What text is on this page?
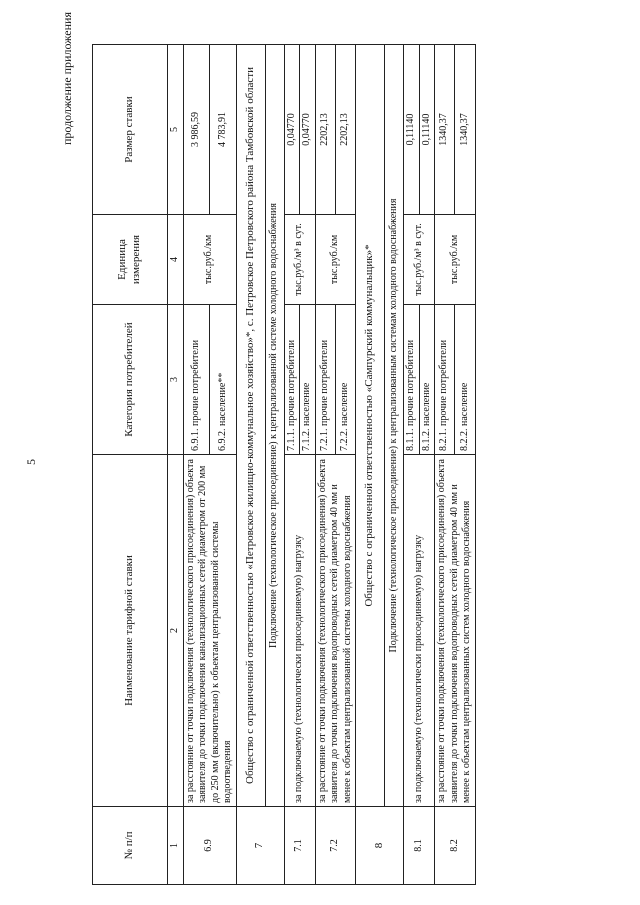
5
продолжение приложения
№ п/п	Наименование тарифной ставки	Категория потребителей	Единица измерения	Размер ставки
1	2	3	4	5
6.9	за расстояние от точки подключения (технологического присоединения) объекта заявителя до точки подключения канализационных сетей диаметром от 200 мм до 250 мм (включительно) к объектам централизованной системы водоотведения	6.9.1. прочие потребители	тыс.руб./км	3 986,59
		6.9.2. население**		4 783,91
7	Общество с ограниченной ответственностью «Петровское жилищно-коммунальное хозяйство»*, с. Петровское Петровского района Тамбовской области			
	Подключение (технологическое присоединение) к централизованной системе холодного водоснабжения			
7.1	за подключаемую (технологически присоединяемую) нагрузку	7.1.1. прочие потребители	тыс.руб./м³ в сут.	0,04770
		7.1.2. население		0,04770
7.2	за расстояние от точки подключения (технологического присоединения) объекта заявителя до точки подключения водопроводных сетей диаметром 40 мм и менее к объектам централизованной системы холодного водоснабжения	7.2.1. прочие потребители	тыс.руб./км	2202,13
		7.2.2. население		2202,13
8	Общество с ограниченной ответственностью «Сампурский коммунальщик»*			
	Подключение (технологическое присоединение) к централизованным системам холодного водоснабжения			
8.1	за подключаемую (технологически присоединяемую) нагрузку	8.1.1. прочие потребители	тыс.руб./м³ в сут.	0,11140
		8.1.2. население		0,11140
8.2	за расстояние от точки подключения (технологического присоединения) объекта заявителя до точки подключения водопроводных сетей диаметром 40 мм и менее к объектам централизованных систем холодного водоснабжения	8.2.1. прочие потребители	тыс.руб./км	1340,37
		8.2.2. население		1340,37
